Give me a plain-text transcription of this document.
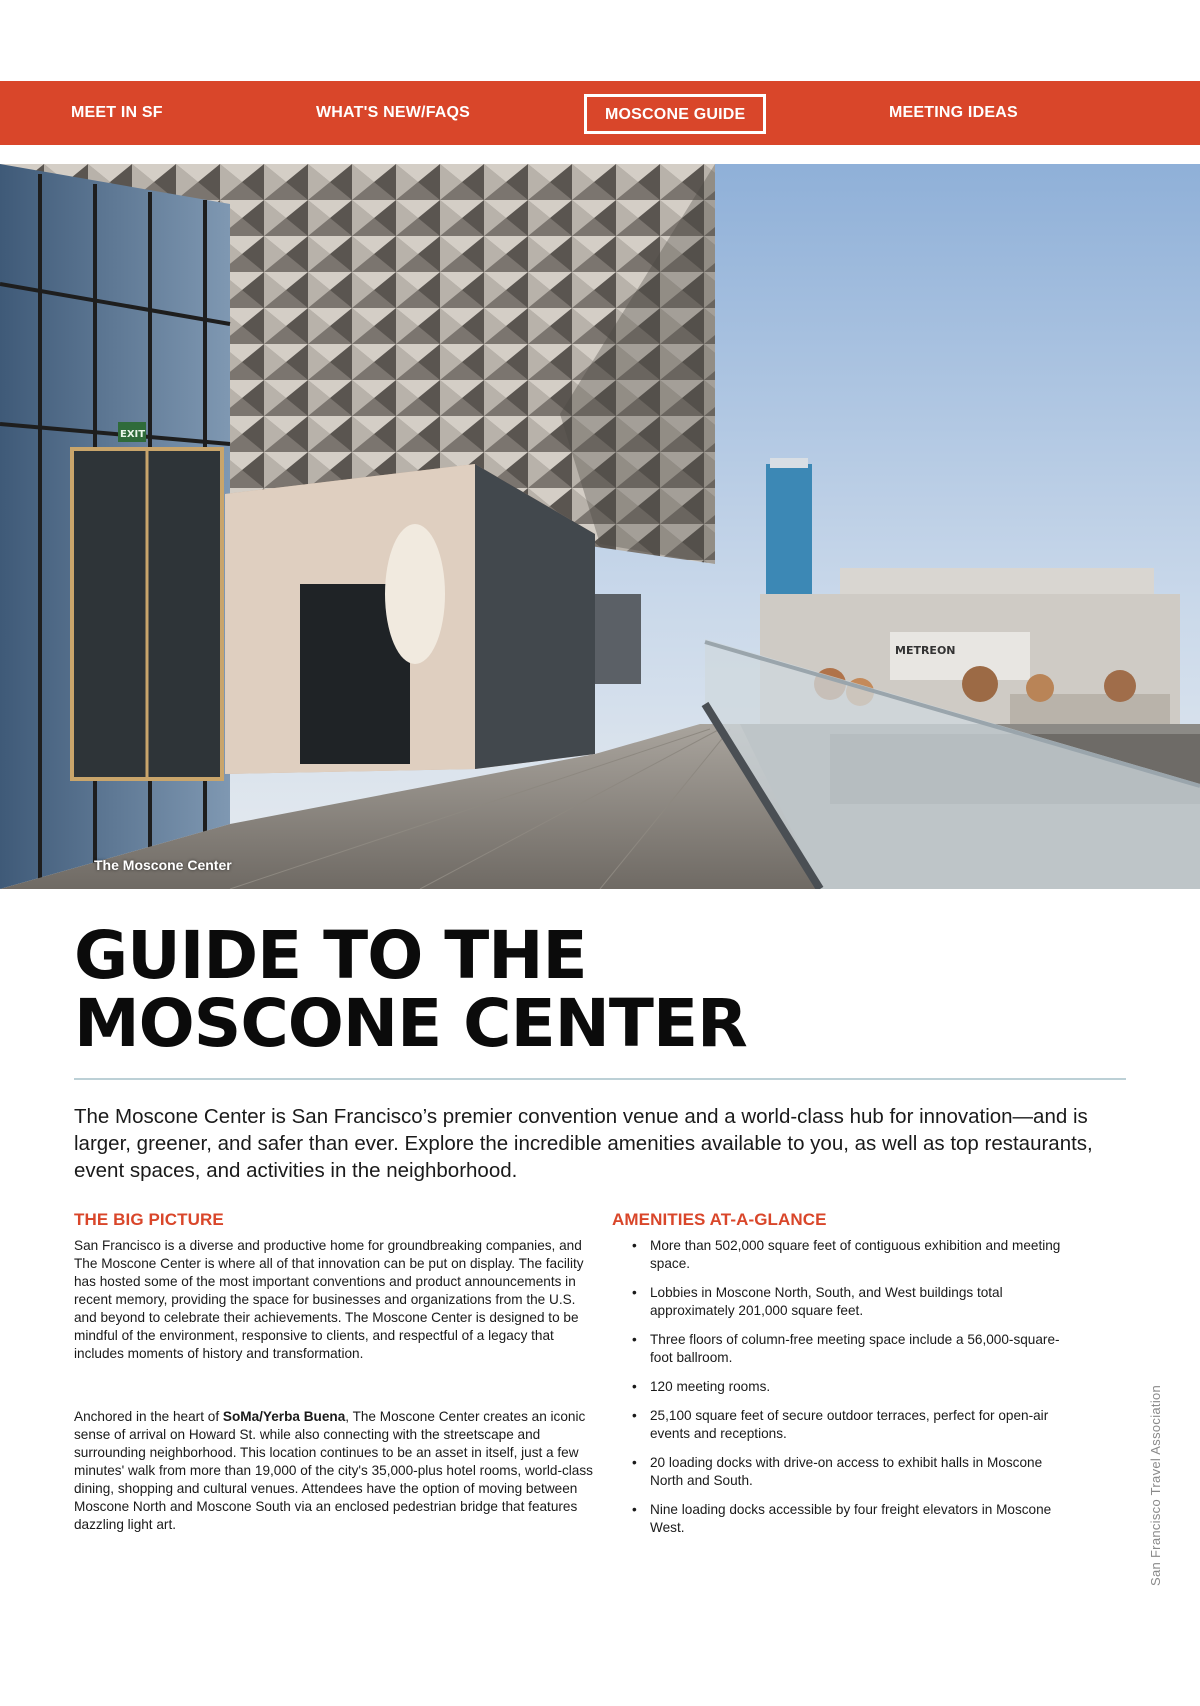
MEET IN SF	WHAT'S NEW/FAQS	MOSCONE GUIDE	MEETING IDEAS
METREON
EXIT
The Moscone Center
GUIDE TO THE
MOSCONE CENTER

The Moscone Center is San Francisco’s premier convention venue and a world-class hub for innovation—and is larger, greener, and safer than ever. Explore the incredible amenities available to you, as well as top restaurants, event spaces, and activities in the neighborhood.

THE BIG PICTURE

San Francisco is a diverse and productive home for groundbreaking companies, and The Moscone Center is where all of that innovation can be put on display. The facility has hosted some of the most important conventions and product announcements in recent memory, providing the space for businesses and organizations from the U.S. and beyond to celebrate their achievements. The Moscone Center is designed to be mindful of the environment, responsive to clients, and respectful of a legacy that includes moments of history and transformation.

Anchored in the heart of SoMa/Yerba Buena, The Moscone Center creates an iconic sense of arrival on Howard St. while also connecting with the streetscape and surrounding neighborhood. This location continues to be an asset in itself, just a few minutes' walk from more than 19,000 of the city's 35,000-plus hotel rooms, world-class dining, shopping and cultural venues. Attendees have the option of moving between Moscone North and Moscone South via an enclosed pedestrian bridge that features dazzling light art.

AMENITIES AT-A-GLANCE
• More than 502,000 square feet of contiguous exhibition and meeting space.
• Lobbies in Moscone North, South, and West buildings total approximately 201,000 square feet.
• Three floors of column-free meeting space include a 56,000-square-foot ballroom.
• 120 meeting rooms.
• 25,100 square feet of secure outdoor terraces, perfect for open-air events and receptions.
• 20 loading docks with drive-on access to exhibit halls in Moscone North and South.
• Nine loading docks accessible by four freight elevators in Moscone West.	San Francisco Travel Association
